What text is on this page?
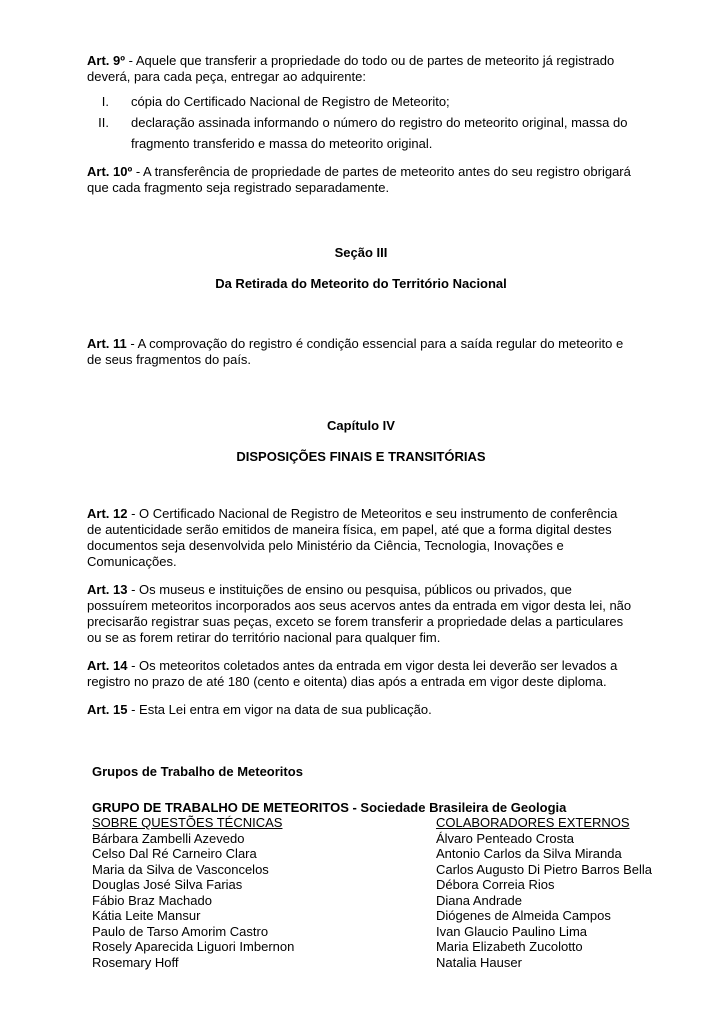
Art. 9º - Aquele que transferir a propriedade do todo ou de partes de meteorito já registrado deverá, para cada peça, entregar ao adquirente:

I. cópia do Certificado Nacional de Registro de Meteorito;
II. declaração assinada informando o número do registro do meteorito original, massa do fragmento transferido e massa do meteorito original.

Art. 10º - A transferência de propriedade de partes de meteorito antes do seu registro obrigará que cada fragmento seja registrado separadamente.

Seção III

Da Retirada do Meteorito do Território Nacional

Art. 11 - A comprovação do registro é condição essencial para a saída regular do meteorito e de seus fragmentos do país.

Capítulo IV

DISPOSIÇÕES FINAIS E TRANSITÓRIAS

Art. 12 - O Certificado Nacional de Registro de Meteoritos e seu instrumento de conferência de autenticidade serão emitidos de maneira física, em papel, até que a forma digital destes documentos seja desenvolvida pelo Ministério da Ciência, Tecnologia, Inovações e Comunicações.

Art. 13 - Os museus e instituições de ensino ou pesquisa, públicos ou privados, que possuírem meteoritos incorporados aos seus acervos antes da entrada em vigor desta lei, não precisarão registrar suas peças, exceto se forem transferir a propriedade delas a particulares ou se as forem retirar do território nacional para qualquer fim.

Art. 14 - Os meteoritos coletados antes da entrada em vigor desta lei deverão ser levados a registro no prazo de até 180 (cento e oitenta) dias após a entrada em vigor deste diploma.

Art. 15 - Esta Lei entra em vigor na data de sua publicação.

Grupos de Trabalho de Meteoritos

GRUPO DE TRABALHO DE METEORITOS - Sociedade Brasileira de Geologia

SOBRE QUESTÕES TÉCNICAS
Bárbara Zambelli Azevedo
Celso Dal Ré Carneiro Clara
Maria da Silva de Vasconcelos
Douglas José Silva Farias
Fábio Braz Machado
Kátia Leite Mansur
Paulo de Tarso Amorim Castro
Rosely Aparecida Liguori Imbernon
Rosemary Hoff
COLABORADORES EXTERNOS
Álvaro Penteado Crosta
Antonio Carlos da Silva Miranda
Carlos Augusto Di Pietro Barros Bella
Débora Correia Rios
Diana Andrade
Diógenes de Almeida Campos
Ivan Glaucio Paulino Lima
Maria Elizabeth Zucolotto
Natalia Hauser
